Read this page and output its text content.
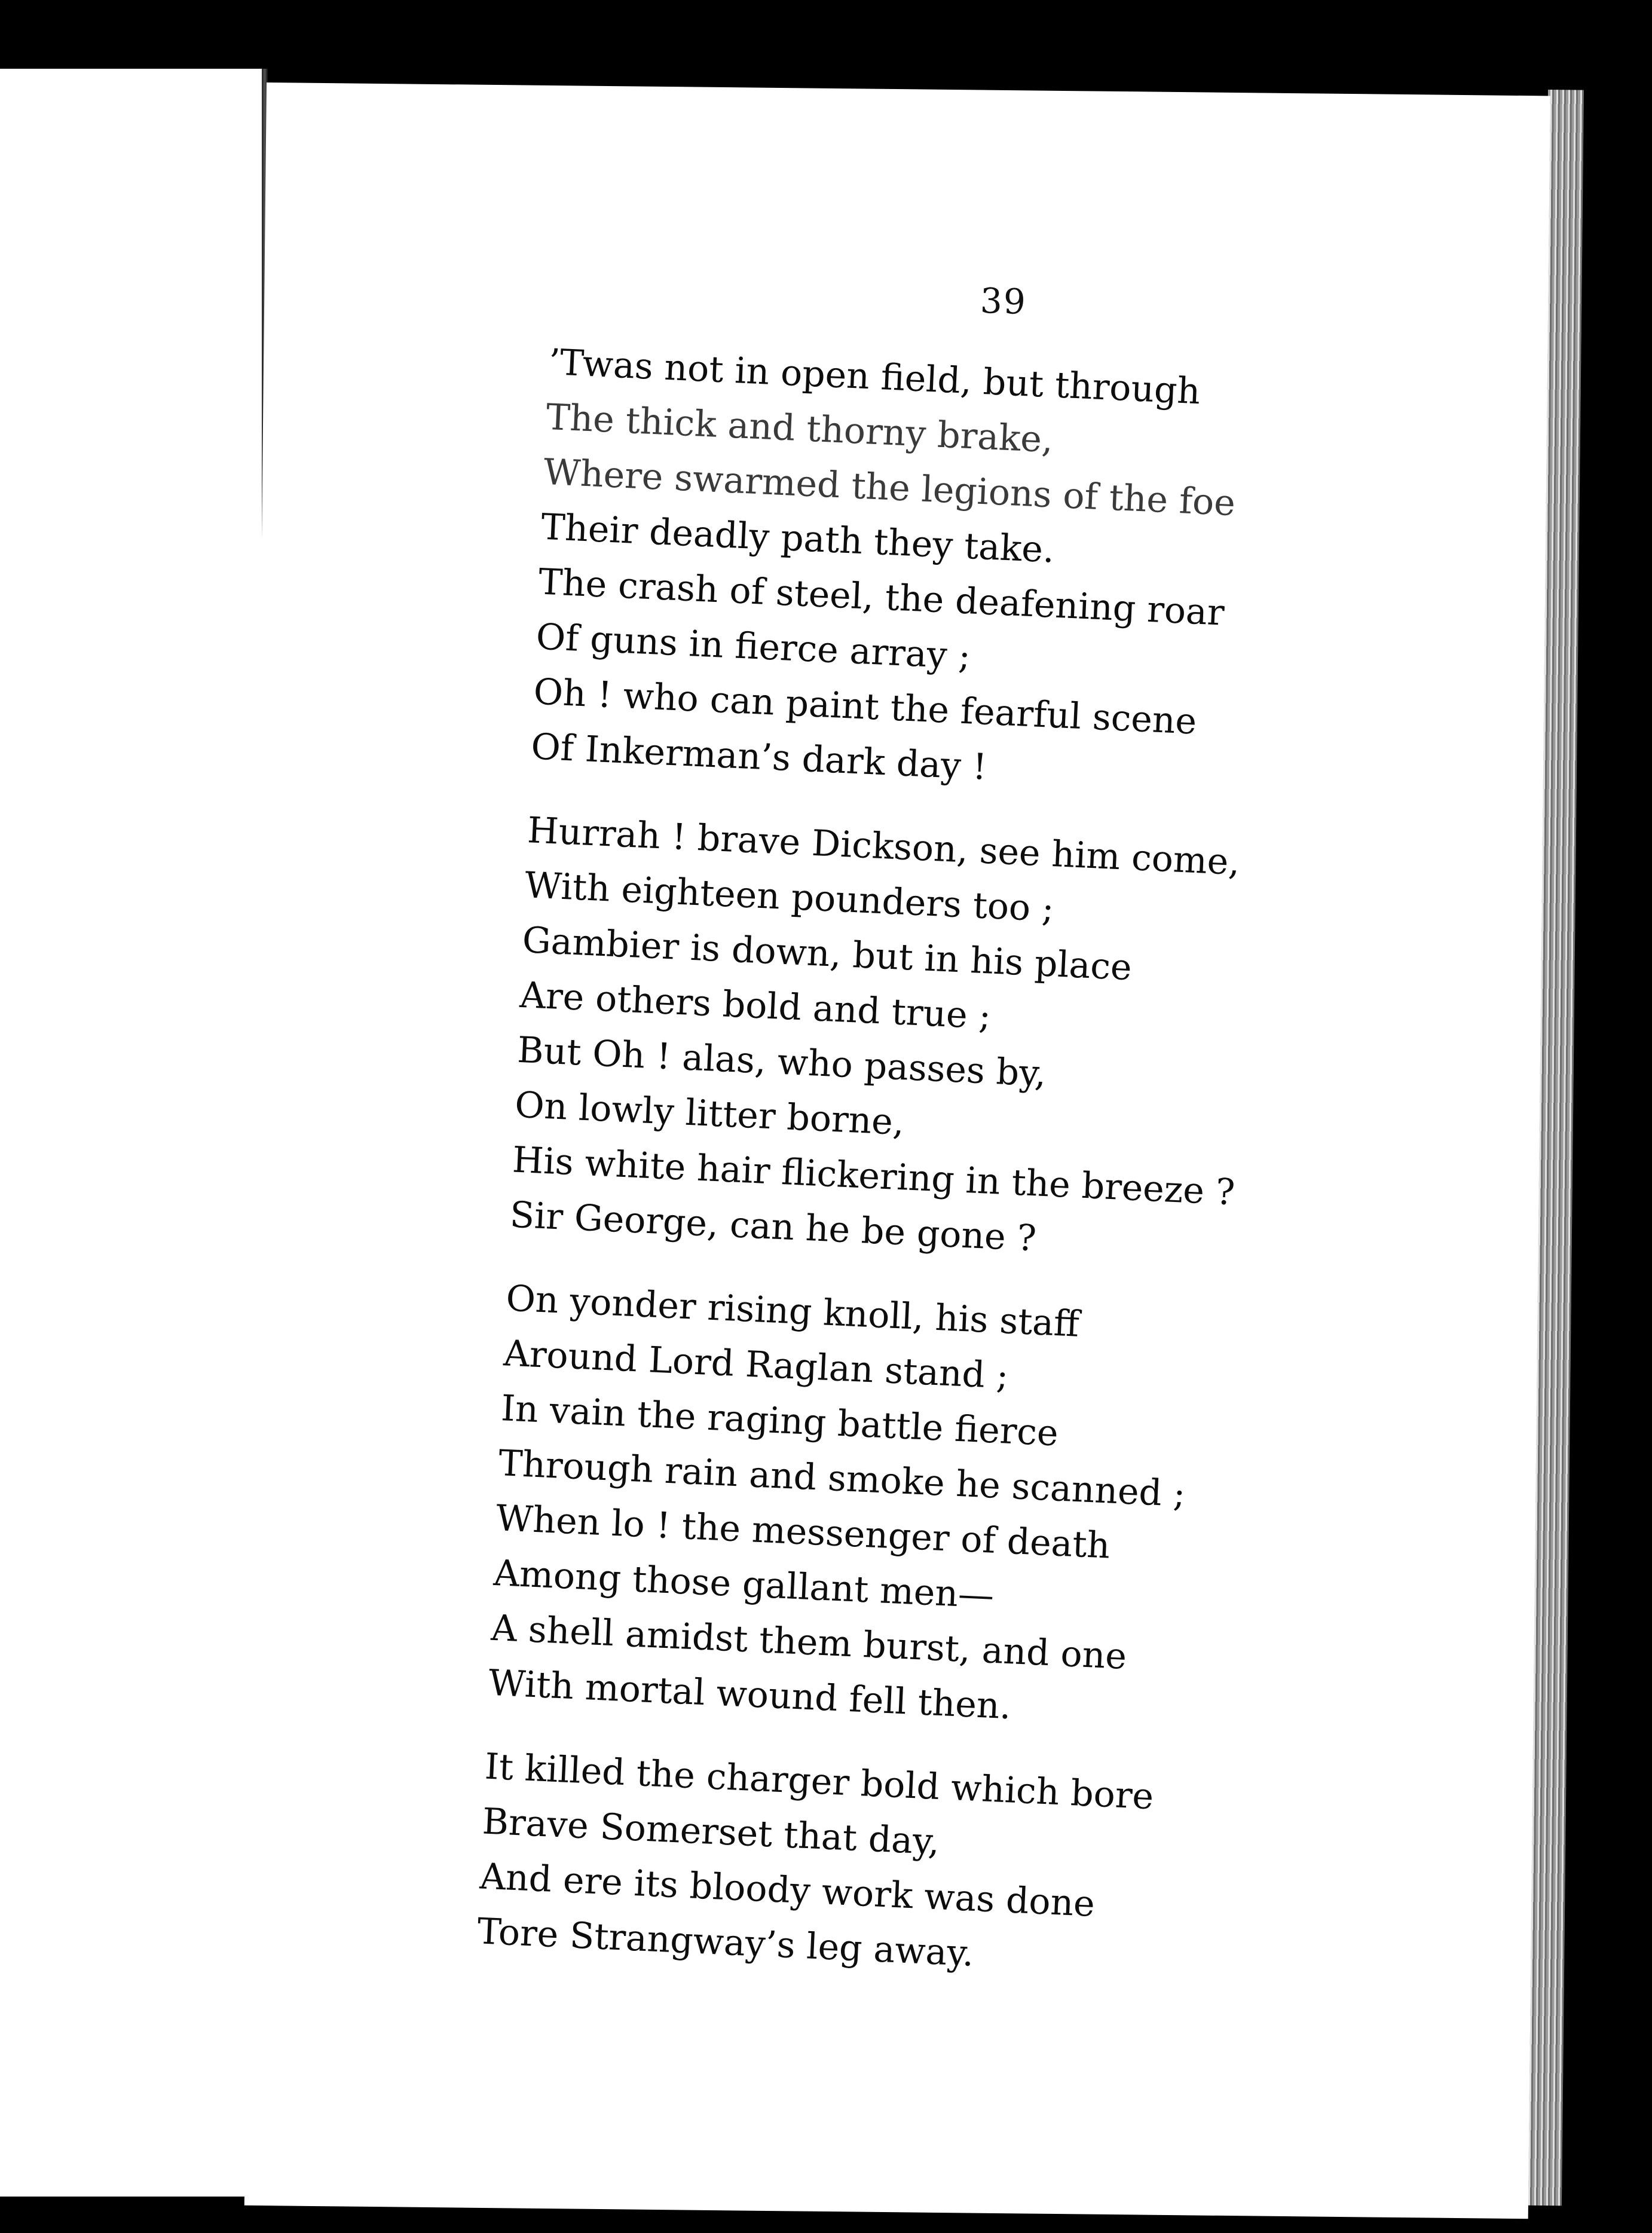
39
’Twas not in open field, but through
The thick and thorny brake,
Where swarmed the legions of the foe
Their deadly path they take.
The crash of steel, the deafening roar
Of guns in fierce array ;
Oh ! who can paint the fearful scene
Of Inkerman’s dark day !
Hurrah ! brave Dickson, see him come,
With eighteen pounders too ;
Gambier is down, but in his place
Are others bold and true ;
But Oh ! alas, who passes by,
On lowly litter borne,
His white hair flickering in the breeze ?
Sir George, can he be gone ?
On yonder rising knoll, his staff
Around Lord Raglan stand ;
In vain the raging battle fierce
Through rain and smoke he scanned ;
When lo ! the messenger of death
Among those gallant men—
A shell amidst them burst, and one
With mortal wound fell then.
It killed the charger bold which bore
Brave Somerset that day,
And ere its bloody work was done
Tore Strangway’s leg away.
